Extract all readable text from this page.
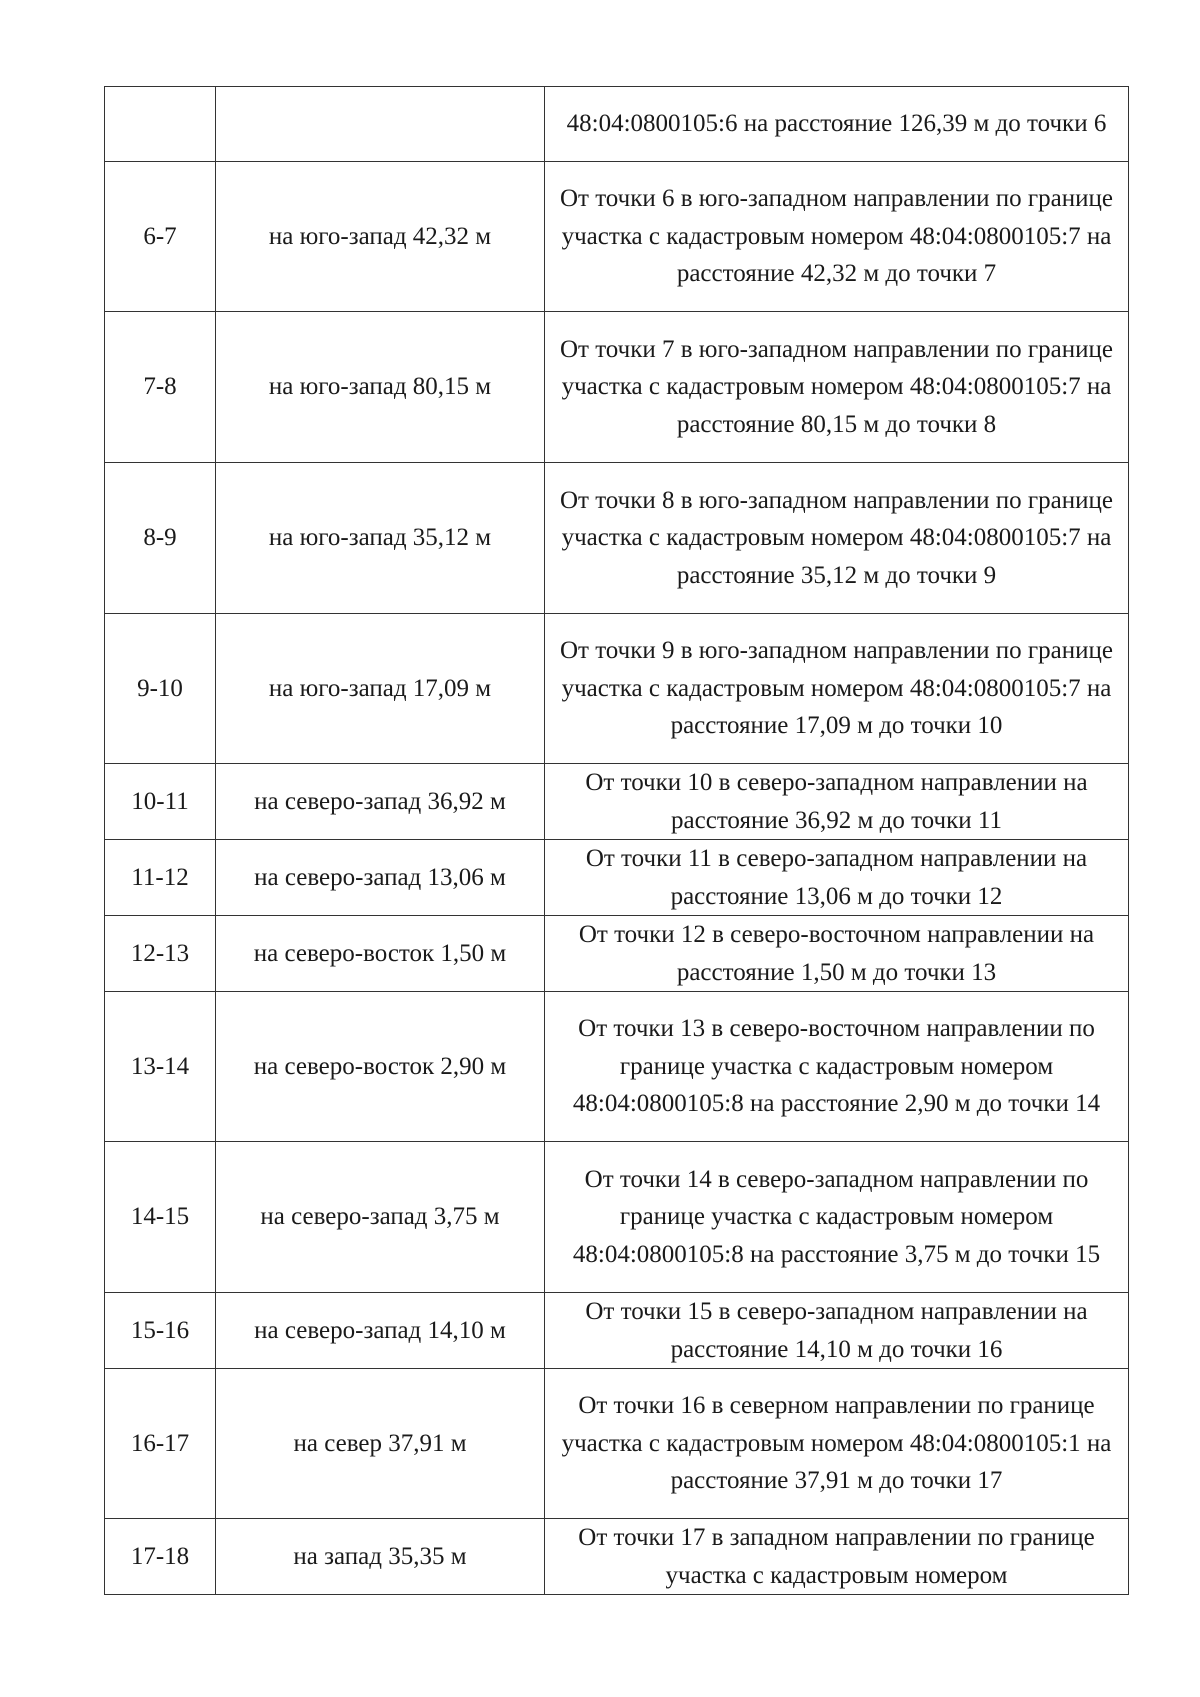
		48:04:0800105:6 на расстояние 126,39 м до точки 6
6-7	на юго-запад 42,32 м	От точки 6 в юго-западном направлении по границе участка с кадастровым номером 48:04:0800105:7 на расстояние 42,32 м до точки 7
7-8	на юго-запад 80,15 м	От точки 7 в юго-западном направлении по границе участка с кадастровым номером 48:04:0800105:7 на расстояние 80,15 м до точки 8
8-9	на юго-запад 35,12 м	От точки 8 в юго-западном направлении по границе участка с кадастровым номером 48:04:0800105:7 на расстояние 35,12 м до точки 9
9-10	на юго-запад 17,09 м	От точки 9 в юго-западном направлении по границе участка с кадастровым номером 48:04:0800105:7 на расстояние 17,09 м до точки 10
10-11	на северо-запад 36,92 м	От точки 10 в северо-западном направлении на расстояние 36,92 м до точки 11
11-12	на северо-запад 13,06 м	От точки 11 в северо-западном направлении на расстояние 13,06 м до точки 12
12-13	на северо-восток 1,50 м	От точки 12 в северо-восточном направлении на расстояние 1,50 м до точки 13
13-14	на северо-восток 2,90 м	От точки 13 в северо-восточном направлении по границе участка с кадастровым номером 48:04:0800105:8 на расстояние 2,90 м до точки 14
14-15	на северо-запад 3,75 м	От точки 14 в северо-западном направлении по границе участка с кадастровым номером 48:04:0800105:8 на расстояние 3,75 м до точки 15
15-16	на северо-запад 14,10 м	От точки 15 в северо-западном направлении на расстояние 14,10 м до точки 16
16-17	на север 37,91 м	От точки 16 в северном направлении по границе участка с кадастровым номером 48:04:0800105:1 на расстояние 37,91 м до точки 17
17-18	на запад 35,35 м	От точки 17 в западном направлении по границе участка с кадастровым номером
